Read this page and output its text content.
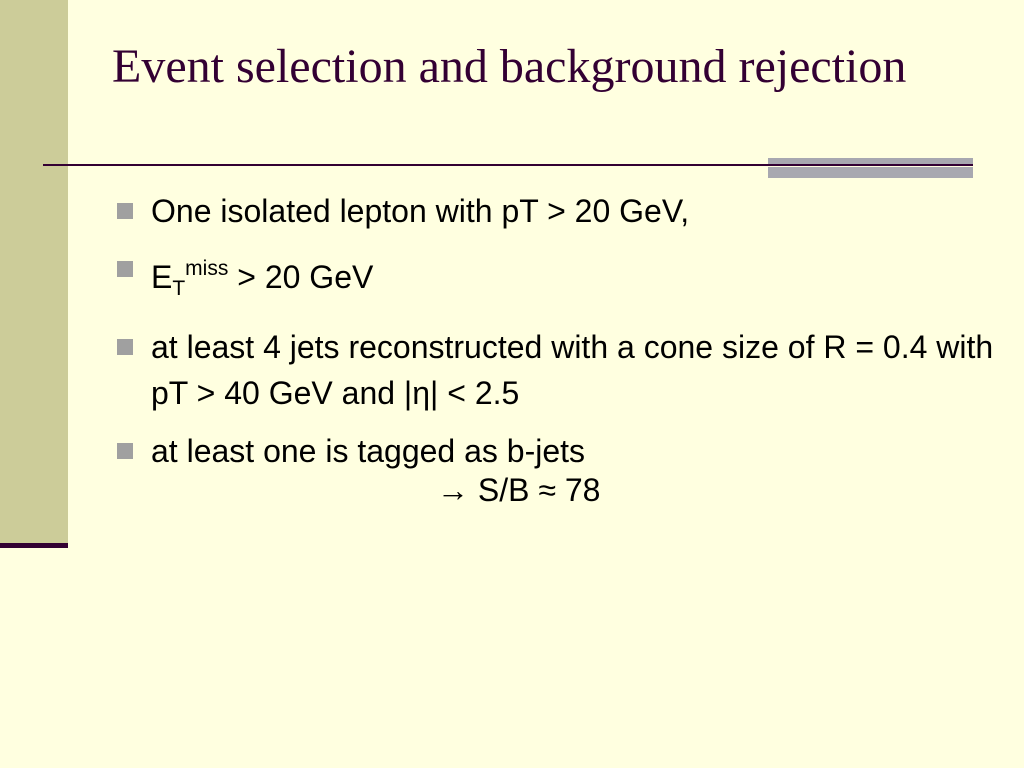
Event selection and background rejection
One isolated lepton with pT > 20 GeV,
$E_T^{miss} > 20$ GeV
at least 4 jets reconstructed with a cone size of R = 0.4 with pT > 40 GeV and |η| < 2.5
at least one is tagged as b-jets
→ S/B ≈ 78
